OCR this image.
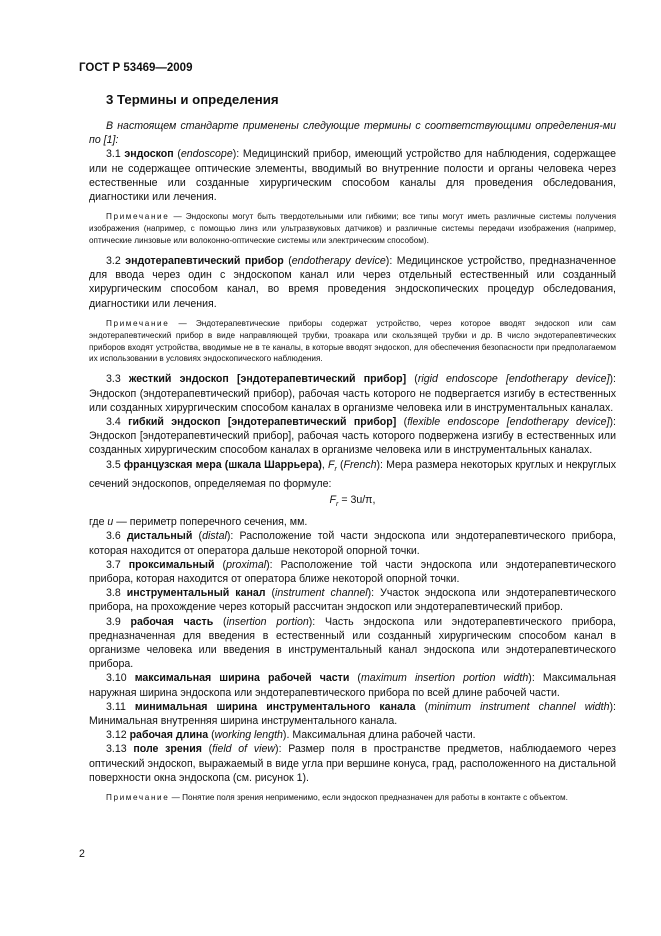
ГОСТ Р 53469—2009
3 Термины и определения

В настоящем стандарте применены следующие термины с соответствующими определения-ми по [1]:

3.1 эндоскоп (endoscope): Медицинский прибор, имеющий устройство для наблюдения, содержащее или не содержащее оптические элементы, вводимый во внутренние полости и органы человека через естественные или созданные хирургическим способом каналы для проведения обследования, диагностики или лечения.

Примечание — Эндоскопы могут быть твердотельными или гибкими; все типы могут иметь различные системы получения изображения (например, с помощью линз или ультразвуковых датчиков) и различные системы передачи изображения (например, оптические линзовые или волоконно-оптические системы или электрическим способом).

3.2 эндотерапевтический прибор (endotherapy device): Медицинское устройство, предназначенное для ввода через один с эндоскопом канал или через отдельный естественный или созданный хирургическим способом канал, во время проведения эндоскопических процедур обследования, диагностики или лечения.

Примечание — Эндотерапевтические приборы содержат устройство, через которое вводят эндоскоп или сам эндотерапевтический прибор в виде направляющей трубки, троакара или скользящей трубки и др. В число эндотерапевтических приборов входят устройства, вводимые не в те каналы, в которые вводят эндоскоп, для обеспечения безопасности при предполагаемом их использовании в условиях эндоскопического наблюдения.

3.3 жесткий эндоскоп [эндотерапевтический прибор] (rigid endoscope [endotherapy device]): Эндоскоп (эндотерапевтический прибор), рабочая часть которого не подвергается изгибу в естественных или созданных хирургическим способом каналах в организме человека или в инструментальных каналах.

3.4 гибкий эндоскоп [эндотерапевтический прибор] (flexible endoscope [endotherapy device]): Эндоскоп [эндотерапевтический прибор], рабочая часть которого подвержена изгибу в естественных или созданных хирургическим способом каналах в организме человека или в инструментальных каналах.

3.5 французская мера (шкала Шаррьера), $F_r$ (French): Мера размера некоторых круглых и некруглых сечений эндоскопов, определяемая по формуле:

$F_r = 3u/\pi$,

где u — периметр поперечного сечения, мм.

3.6 дистальный (distal): Расположение той части эндоскопа или эндотерапевтического прибора, которая находится от оператора дальше некоторой опорной точки.

3.7 проксимальный (proximal): Расположение той части эндоскопа или эндотерапевтического прибора, которая находится от оператора ближе некоторой опорной точки.

3.8 инструментальный канал (instrument channel): Участок эндоскопа или эндотерапевтического прибора, на прохождение через который рассчитан эндоскоп или эндотерапевтический прибор.

3.9 рабочая часть (insertion portion): Часть эндоскопа или эндотерапевтического прибора, предназначенная для введения в естественный или созданный хирургическим способом канал в организме человека или введения в инструментальный канал эндоскопа или эндотерапевтического прибора.

3.10 максимальная ширина рабочей части (maximum insertion portion width): Максимальная наружная ширина эндоскопа или эндотерапевтического прибора по всей длине рабочей части.

3.11 минимальная ширина инструментального канала (minimum instrument channel width): Минимальная внутренняя ширина инструментального канала.

3.12 рабочая длина (working length). Максимальная длина рабочей части.

3.13 поле зрения (field of view): Размер поля в пространстве предметов, наблюдаемого через оптический эндоскоп, выражаемый в виде угла при вершине конуса, град, расположенного на дистальной поверхности окна эндоскопа (см. рисунок 1).

Примечание — Понятие поля зрения неприменимо, если эндоскоп предназначен для работы в контакте с объектом.

2
